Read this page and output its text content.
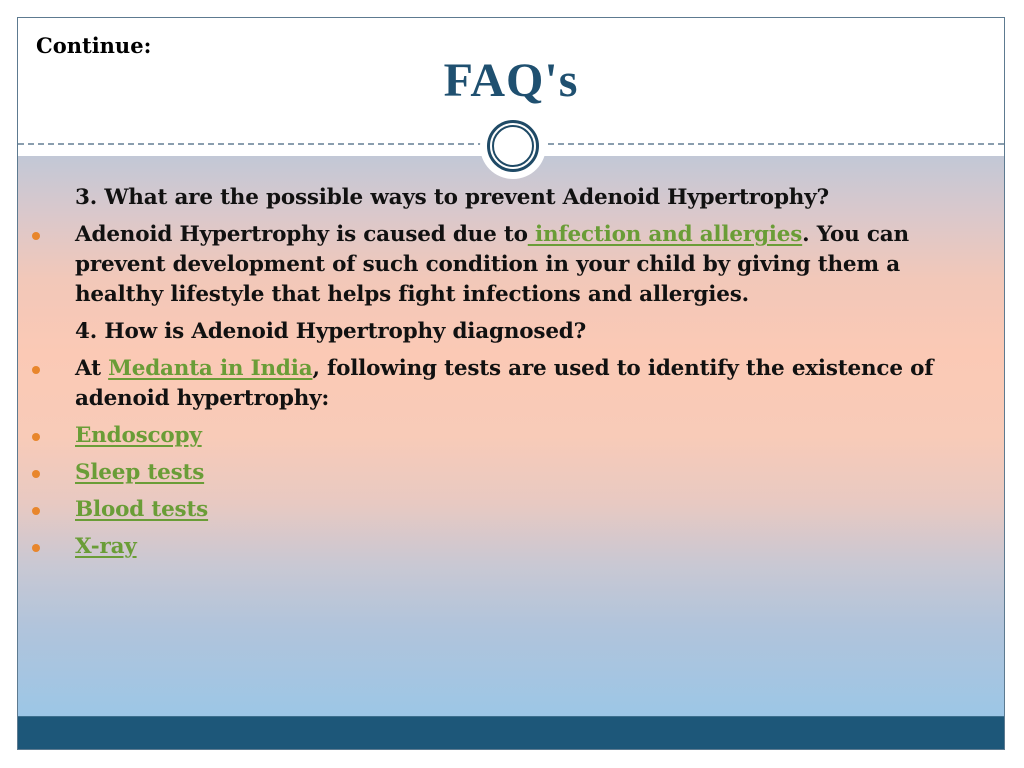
Continue:
FAQ's
3. What are the possible ways to prevent Adenoid Hypertrophy?
Adenoid Hypertrophy is caused due to infection and allergies. You can prevent development of such condition in your child by giving them a healthy lifestyle that helps fight infections and allergies.
4. How is Adenoid Hypertrophy diagnosed?
At Medanta in India, following tests are used to identify the existence of adenoid hypertrophy:
Endoscopy
Sleep tests
Blood tests
X-ray
